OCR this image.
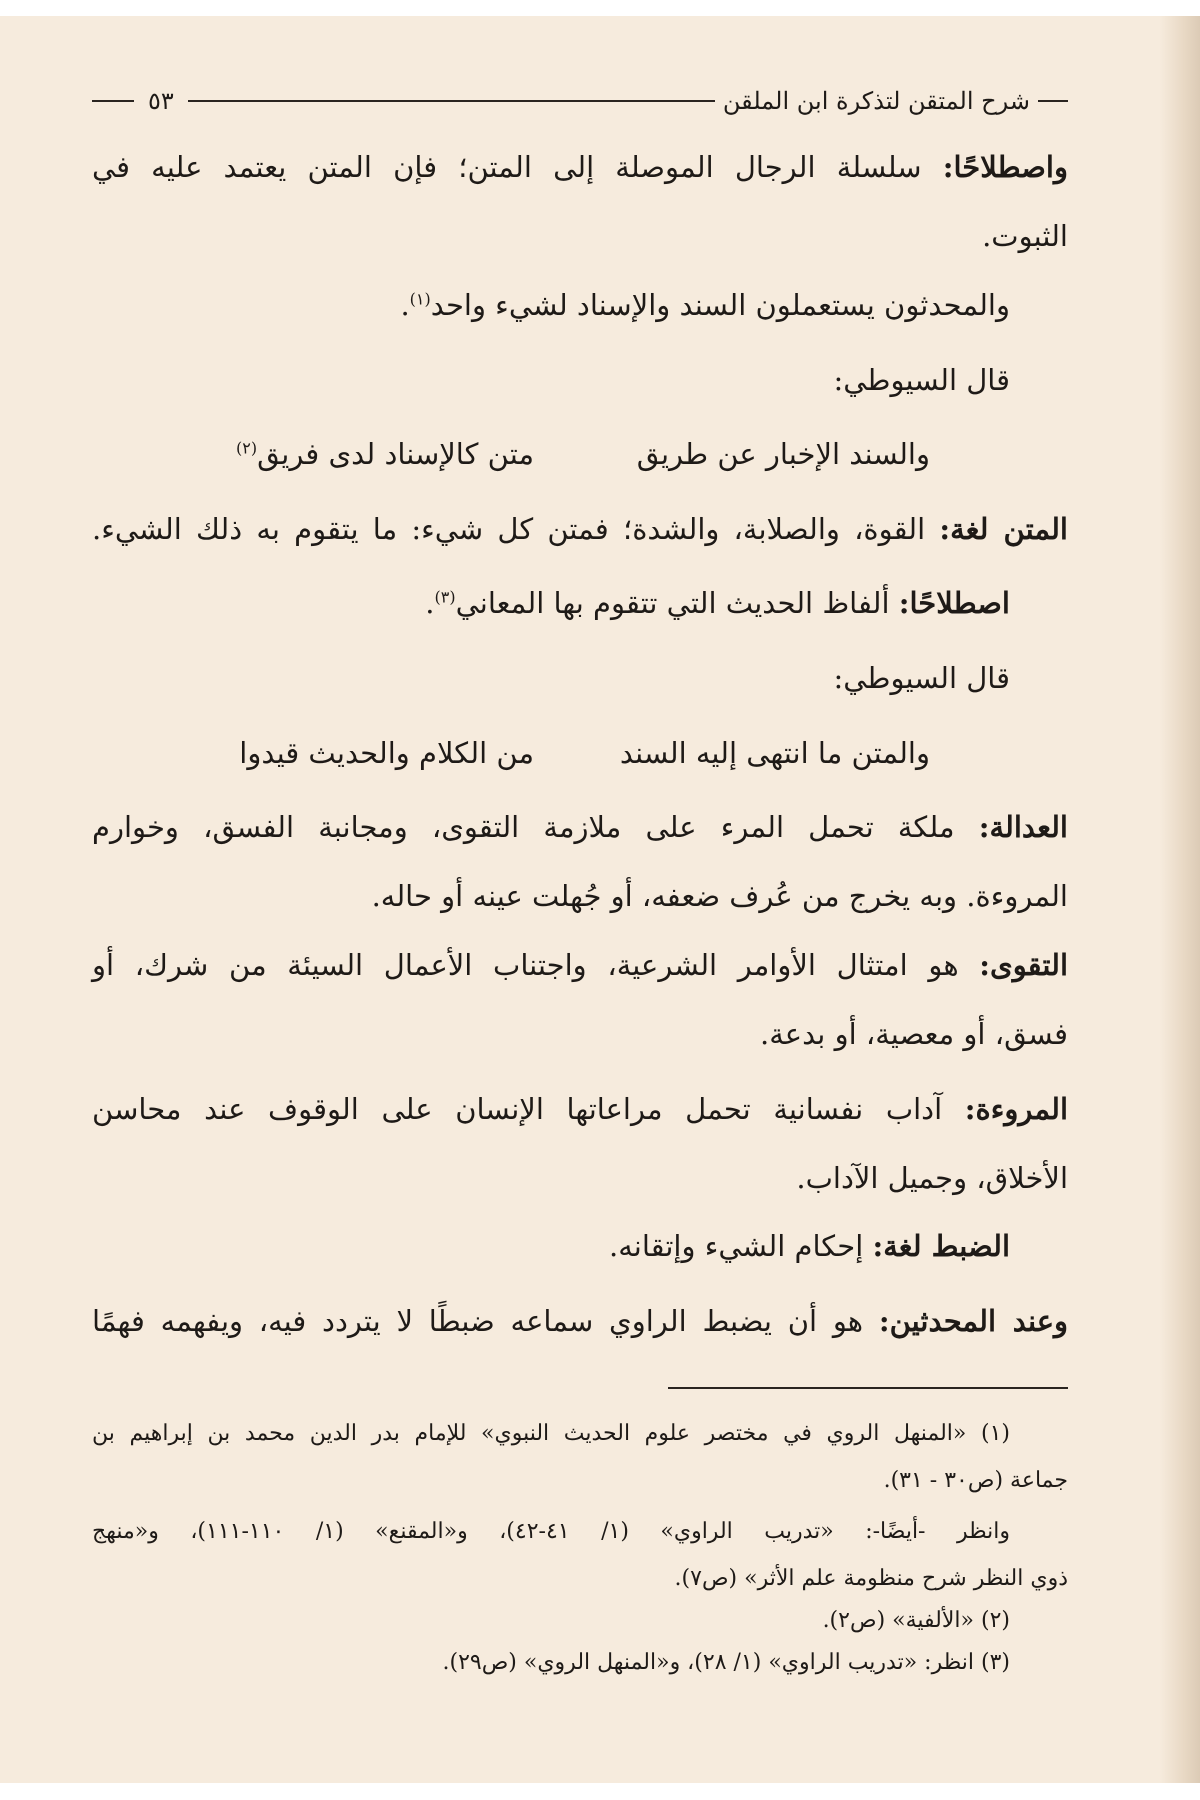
شرح المتقن لتذكرة ابن الملقن
٥٣
واصطلاحًا: سلسلة الرجال الموصلة إلى المتن؛ فإن المتن يعتمد عليه في
الثبوت.
والمحدثون يستعملون السند والإسناد لشيء واحد$^{(١)}$.
قال السيوطي:
والسند الإخبار عن طريق
متن كالإسناد لدى فريق$^{(٢)}$
المتن لغة: القوة، والصلابة، والشدة؛ فمتن كل شيء: ما يتقوم به ذلك الشيء.
اصطلاحًا: ألفاظ الحديث التي تتقوم بها المعاني$^{(٣)}$.
قال السيوطي:
والمتن ما انتهى إليه السند
من الكلام والحديث قيدوا
العدالة: ملكة تحمل المرء على ملازمة التقوى، ومجانبة الفسق، وخوارم
المروءة. وبه يخرج من عُرف ضعفه، أو جُهلت عينه أو حاله.
التقوى: هو امتثال الأوامر الشرعية، واجتناب الأعمال السيئة من شرك، أو
فسق، أو معصية، أو بدعة.
المروءة: آداب نفسانية تحمل مراعاتها الإنسان على الوقوف عند محاسن
الأخلاق، وجميل الآداب.
الضبط لغة: إحكام الشيء وإتقانه.
وعند المحدثين: هو أن يضبط الراوي سماعه ضبطًا لا يتردد فيه، ويفهمه فهمًا
(١) «المنهل الروي في مختصر علوم الحديث النبوي» للإمام بدر الدين محمد بن إبراهيم بن
جماعة (ص٣٠ - ٣١).
وانظر -أيضًا-: «تدريب الراوي» (١/ ٤١-٤٢)، و«المقنع» (١/ ١١٠-١١١)، و«منهج
ذوي النظر شرح منظومة علم الأثر» (ص٧).
(٢) «الألفية» (ص٢).
(٣) انظر: «تدريب الراوي» (١/ ٢٨)، و«المنهل الروي» (ص٢٩).
